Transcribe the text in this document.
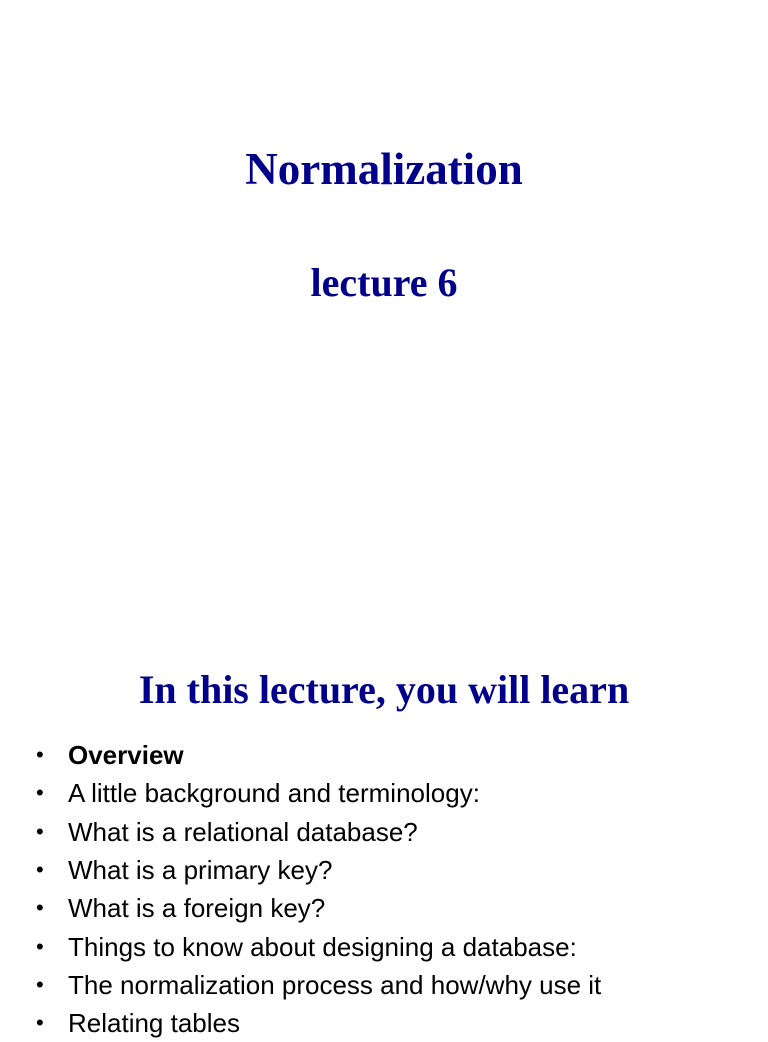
Normalization
lecture 6
In this lecture, you will learn
• Overview
• A little background and terminology:
• What is a relational database?
• What is a primary key?
• What is a foreign key?
• Things to know about designing a database:
• The normalization process and how/why use it
• Relating tables
